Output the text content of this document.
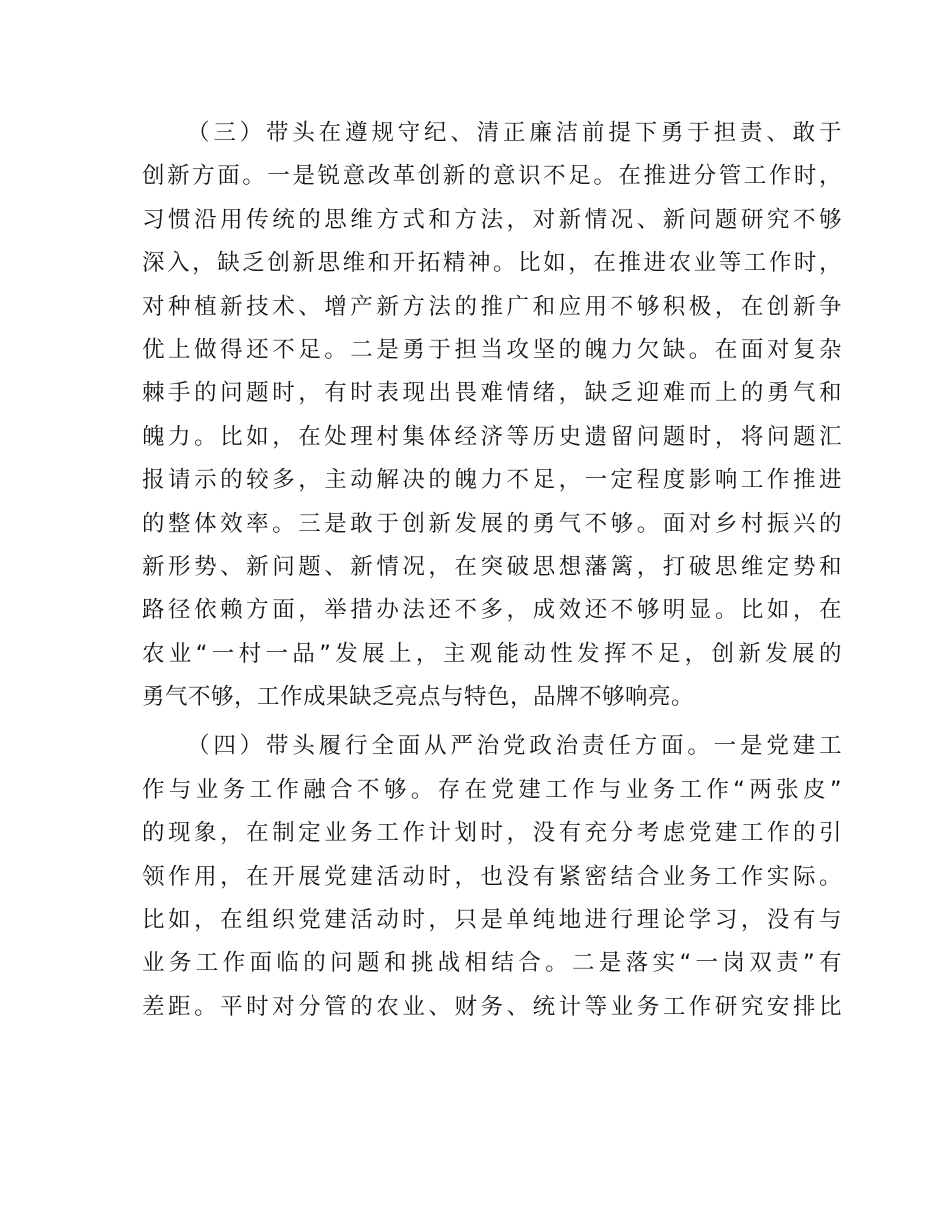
（三）带头在遵规守纪、清正廉洁前提下勇于担责、敢于
创新方面。一是锐意改革创新的意识不足。在推进分管工作时，
习惯沿用传统的思维方式和方法，对新情况、新问题研究不够
深入，缺乏创新思维和开拓精神。比如，在推进农业等工作时，
对种植新技术、增产新方法的推广和应用不够积极，在创新争
优上做得还不足。二是勇于担当攻坚的魄力欠缺。在面对复杂
棘手的问题时，有时表现出畏难情绪，缺乏迎难而上的勇气和
魄力。比如，在处理村集体经济等历史遗留问题时，将问题汇
报请示的较多，主动解决的魄力不足，一定程度影响工作推进
的整体效率。三是敢于创新发展的勇气不够。面对乡村振兴的
新形势、新问题、新情况，在突破思想藩篱，打破思维定势和
路径依赖方面，举措办法还不多，成效还不够明显。比如，在
农业“一村一品”发展上，主观能动性发挥不足，创新发展的
勇气不够，工作成果缺乏亮点与特色，品牌不够响亮。

（四）带头履行全面从严治党政治责任方面。一是党建工
作与业务工作融合不够。存在党建工作与业务工作“两张皮”
的现象，在制定业务工作计划时，没有充分考虑党建工作的引
领作用，在开展党建活动时，也没有紧密结合业务工作实际。
比如，在组织党建活动时，只是单纯地进行理论学习，没有与
业务工作面临的问题和挑战相结合。二是落实“一岗双责”有
差距。平时对分管的农业、财务、统计等业务工作研究安排比
